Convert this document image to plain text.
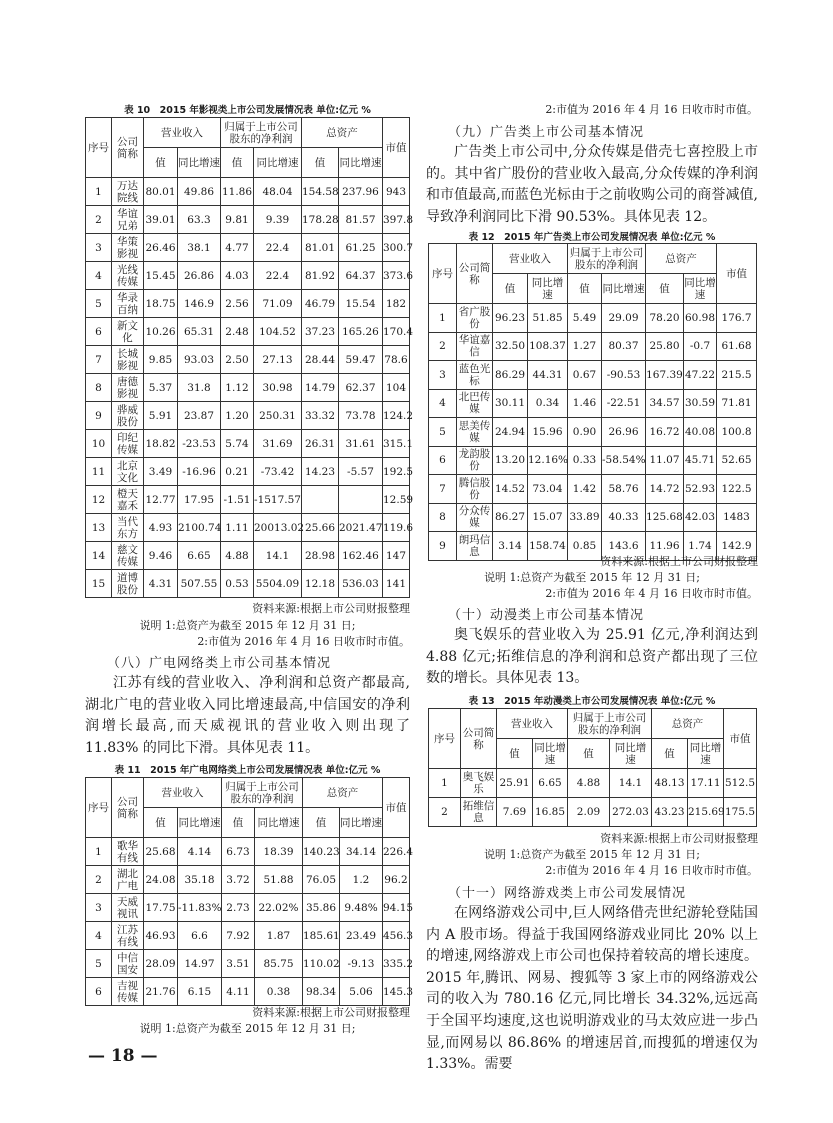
表 10　2015 年影视类上市公司发展情况表 单位:亿元 %
序号	公司简称	营业收入		归属于上市公司股东的净利润		总资产		市值
		值	同比增速	值	同比增速	值	同比增速	
1	万达院线	80.01	49.86	11.86	48.04	154.58	237.96	943
2	华谊兄弟	39.01	63.3	9.81	9.39	178.28	81.57	397.8
3	华策影视	26.46	38.1	4.77	22.4	81.01	61.25	300.7
4	光线传媒	15.45	26.86	4.03	22.4	81.92	64.37	373.6
5	华录百纳	18.75	146.9	2.56	71.09	46.79	15.54	182
6	新文化	10.26	65.31	2.48	104.52	37.23	165.26	170.4
7	长城影视	9.85	93.03	2.50	27.13	28.44	59.47	78.6
8	唐德影视	5.37	31.8	1.12	30.98	14.79	62.37	104
9	骅威股份	5.91	23.87	1.20	250.31	33.32	73.78	124.2
10	印纪传媒	18.82	-23.53	5.74	31.69	26.31	31.61	315.1
11	北京文化	3.49	-16.96	0.21	-73.42	14.23	-5.57	192.5
12	橙天嘉禾	12.77	17.95	-1.51	-1517.57			12.59
13	当代东方	4.93	2100.74	1.11	20013.02	25.66	2021.47	119.6
14	慈文传媒	9.46	6.65	4.88	14.1	28.98	162.46	147
15	道博股份	4.31	507.55	0.53	5504.09	12.18	536.03	141
资料来源:根据上市公司财报整理
说明 1:总资产为截至 2015 年 12 月 31 日;
2:市值为 2016 年 4 月 16 日收市时市值。
（八）广电网络类上市公司基本情况
江苏有线的营业收入、净利润和总资产都最高,湖北广电的营业收入同比增速最高,中信国安的净利润增长最高,而天威视讯的营业收入则出现了 11.83% 的同比下滑。具体见表 11。
表 11　2015 年广电网络类上市公司发展情况表 单位:亿元 %
序号	公司简称	营业收入		归属于上市公司股东的净利润		总资产		市值
		值	同比增速	值	同比增速	值	同比增速	
1	歌华有线	25.68	4.14	6.73	18.39	140.23	34.14	226.4
2	湖北广电	24.08	35.18	3.72	51.88	76.05	1.2	96.2
3	天威视讯	17.75	-11.83%	2.73	22.02%	35.86	9.48%	94.15
4	江苏有线	46.93	6.6	7.92	1.87	185.61	23.49	456.3
5	中信国安	28.09	14.97	3.51	85.75	110.02	-9.13	335.2
6	吉视传媒	21.76	6.15	4.11	0.38	98.34	5.06	145.3
资料来源:根据上市公司财报整理
说明 1:总资产为截至 2015 年 12 月 31 日;
— 18 —
2:市值为 2016 年 4 月 16 日收市时市值。
（九）广告类上市公司基本情况
广告类上市公司中,分众传媒是借壳七喜控股上市的。其中省广股份的营业收入最高,分众传媒的净利润和市值最高,而蓝色光标由于之前收购公司的商誉减值,导致净利润同比下滑 90.53%。具体见表 12。
表 12　2015 年广告类上市公司发展情况表 单位:亿元 %
序号	公司简称	营业收入		归属于上市公司股东的净利润		总资产		市值
		值	同比增速	值	同比增速	值	同比增速	
1	省广股份	96.23	51.85	5.49	29.09	78.20	60.98	176.7
2	华谊嘉信	32.50	108.37	1.27	80.37	25.80	-0.7	61.68
3	蓝色光标	86.29	44.31	0.67	-90.53	167.39	47.22	215.5
4	北巴传媒	30.11	0.34	1.46	-22.51	34.57	30.59	71.81
5	思美传媒	24.94	15.96	0.90	26.96	16.72	40.08	100.8
6	龙韵股份	13.20	12.16%	0.33	-58.54%	11.07	45.71	52.65
7	腾信股份	14.52	73.04	1.42	58.76	14.72	52.93	122.5
8	分众传媒	86.27	15.07	33.89	40.33	125.68	42.03	1483
9	朗玛信息	3.14	158.74	0.85	143.6	11.96	1.74	142.9
资料来源:根据上市公司财报整理
说明 1:总资产为截至 2015 年 12 月 31 日;
2:市值为 2016 年 4 月 16 日收市时市值。
（十）动漫类上市公司基本情况
奥飞娱乐的营业收入为 25.91 亿元,净利润达到 4.88 亿元;拓维信息的净利润和总资产都出现了三位数的增长。具体见表 13。
表 13　2015 年动漫类上市公司发展情况表 单位:亿元 %
序号	公司简称	营业收入		归属于上市公司股东的净利润		总资产		市值
		值	同比增速	值	同比增速	值	同比增速	
1	奥飞娱乐	25.91	6.65	4.88	14.1	48.13	17.11	512.5
2	拓维信息	7.69	16.85	2.09	272.03	43.23	215.69	175.5
资料来源:根据上市公司财报整理
说明 1:总资产为截至 2015 年 12 月 31 日;
2:市值为 2016 年 4 月 16 日收市时市值。
（十一）网络游戏类上市公司发展情况
在网络游戏公司中,巨人网络借壳世纪游轮登陆国内 A 股市场。得益于我国网络游戏业同比 20% 以上的增速,网络游戏上市公司也保持着较高的增长速度。2015 年,腾讯、网易、搜狐等 3 家上市的网络游戏公司的收入为 780.16 亿元,同比增长 34.32%,远远高于全国平均速度,这也说明游戏业的马太效应进一步凸显,而网易以 86.86% 的增速居首,而搜狐的增速仅为 1.33%。需要
